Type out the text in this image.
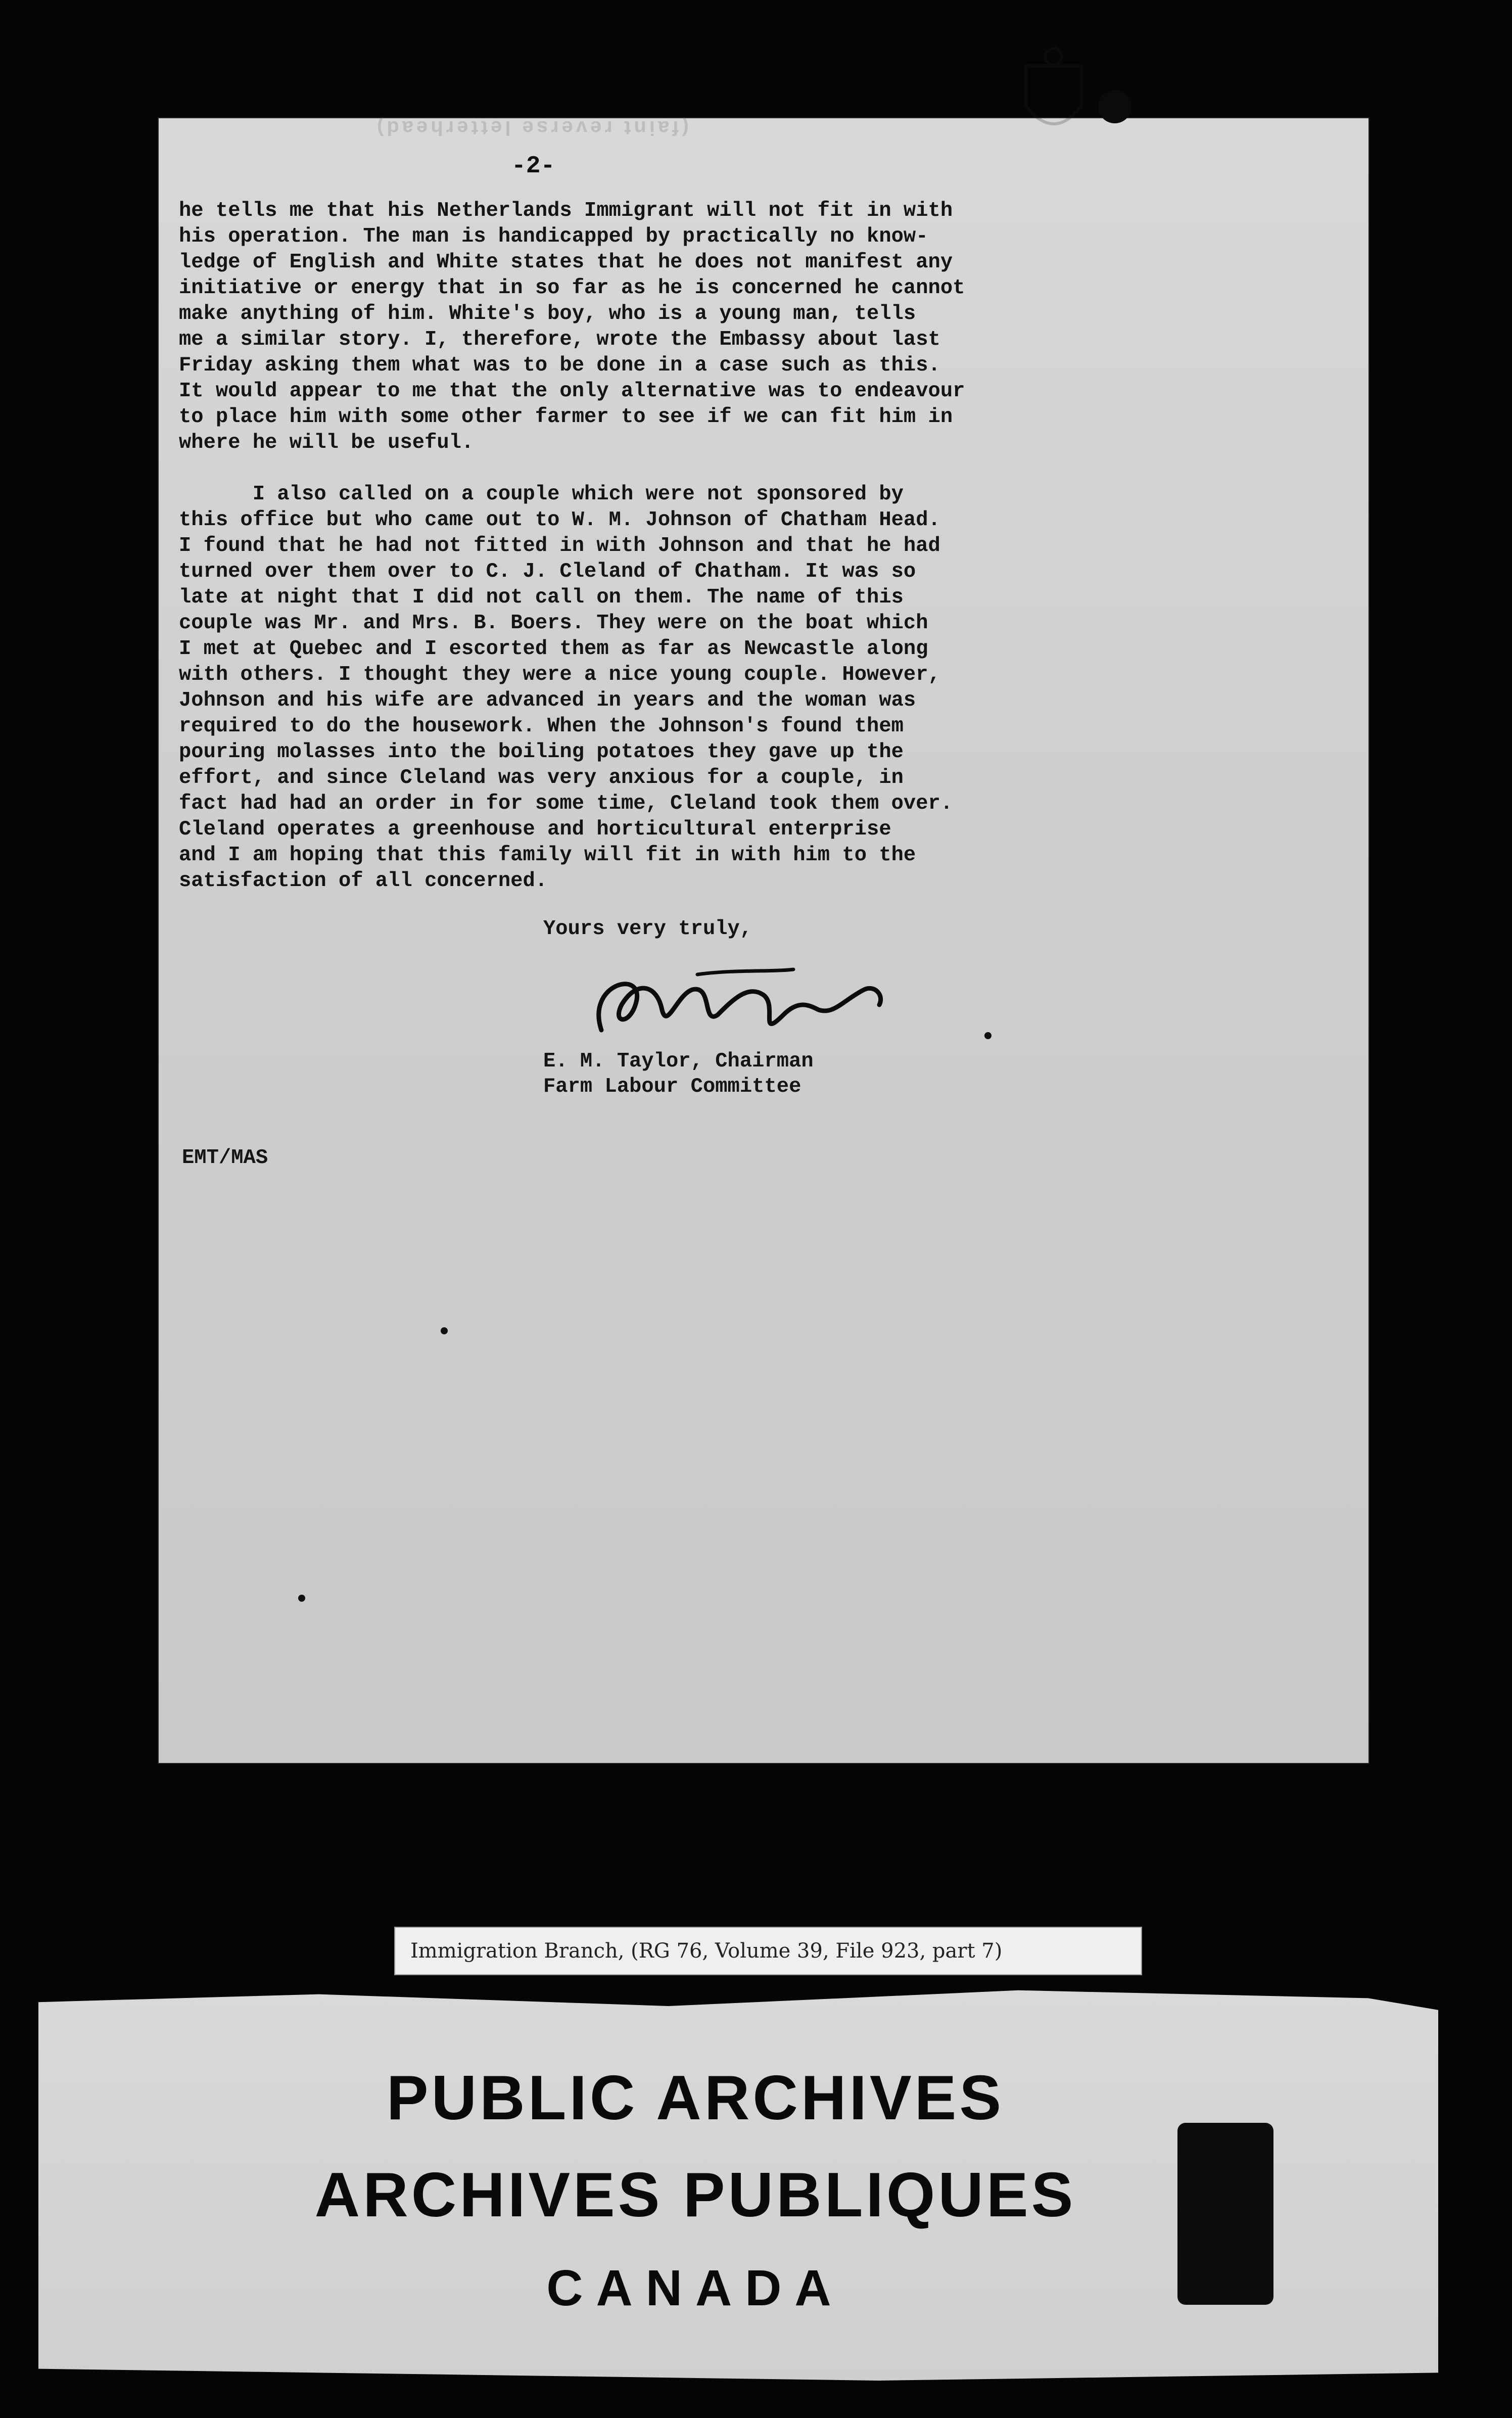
(faint reverse letterhead)
-2-

he tells me that his Netherlands Immigrant will not fit in with

his operation. The man is handicapped by practically no know-

ledge of English and White states that he does not manifest any

initiative or energy that in so far as he is concerned he cannot

make anything of him. White's boy, who is a young man, tells

me a similar story. I, therefore, wrote the Embassy about last

Friday asking them what was to be done in a case such as this.

It would appear to me that the only alternative was to endeavour

to place him with some other farmer to see if we can fit him in

where he will be useful.

I also called on a couple which were not sponsored by

this office but who came out to W. M. Johnson of Chatham Head.

I found that he had not fitted in with Johnson and that he had

turned over them over to C. J. Cleland of Chatham. It was so

late at night that I did not call on them. The name of this

couple was Mr. and Mrs. B. Boers. They were on the boat which

I met at Quebec and I escorted them as far as Newcastle along

with others. I thought they were a nice young couple. However,

Johnson and his wife are advanced in years and the woman was

required to do the housework. When the Johnson's found them

pouring molasses into the boiling potatoes they gave up the

effort, and since Cleland was very anxious for a couple, in

fact had had an order in for some time, Cleland took them over.

Cleland operates a greenhouse and horticultural enterprise

and I am hoping that this family will fit in with him to the

satisfaction of all concerned.

Yours very truly,
E. M. Taylor, Chairman
Farm Labour Committee
EMT/MAS
Immigration Branch, (RG 76, Volume 39, File 923, part 7)
PUBLIC ARCHIVES
ARCHIVES PUBLIQUES
CANADA
